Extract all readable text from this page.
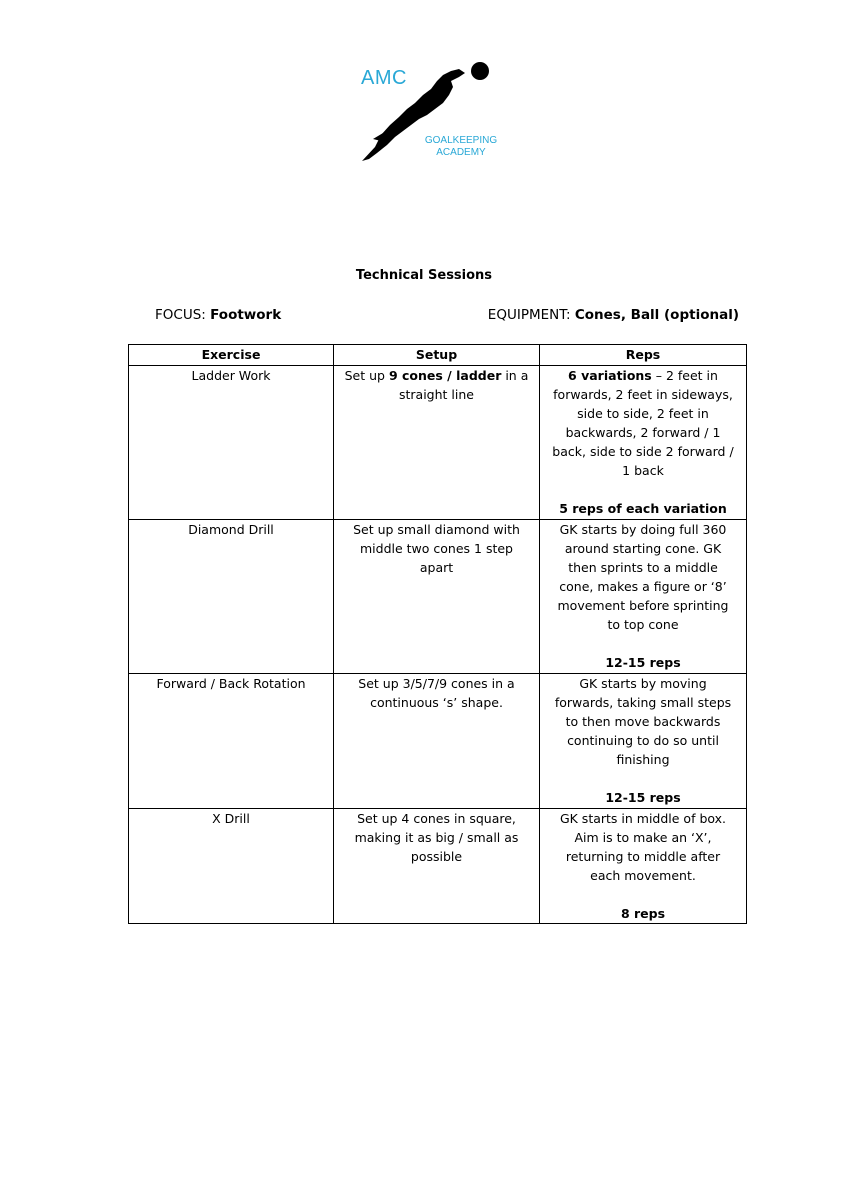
AMC
GOALKEEPING ACADEMY
Technical Sessions
FOCUS: Footwork	EQUIPMENT: Cones, Ball (optional)
Exercise	Setup	Reps
Ladder Work	Set up 9 cones / ladder in a straight line	6 variations – 2 feet in forwards, 2 feet in sideways, side to side, 2 feet in backwards, 2 forward / 1 back, side to side 2 forward / 1 back
5 reps of each variation

Diamond Drill	Set up small diamond with middle two cones 1 step apart	GK starts by doing full 360 around starting cone. GK then sprints to a middle cone, makes a figure or ‘8’ movement before sprinting to top cone
12-15 reps

Forward / Back Rotation	Set up 3/5/7/9 cones in a continuous ‘s’ shape.	GK starts by moving forwards, taking small steps to then move backwards continuing to do so until finishing
12-15 reps

X Drill	Set up 4 cones in square, making it as big / small as possible	GK starts in middle of box. Aim is to make an ‘X’, returning to middle after each movement.
8 reps
